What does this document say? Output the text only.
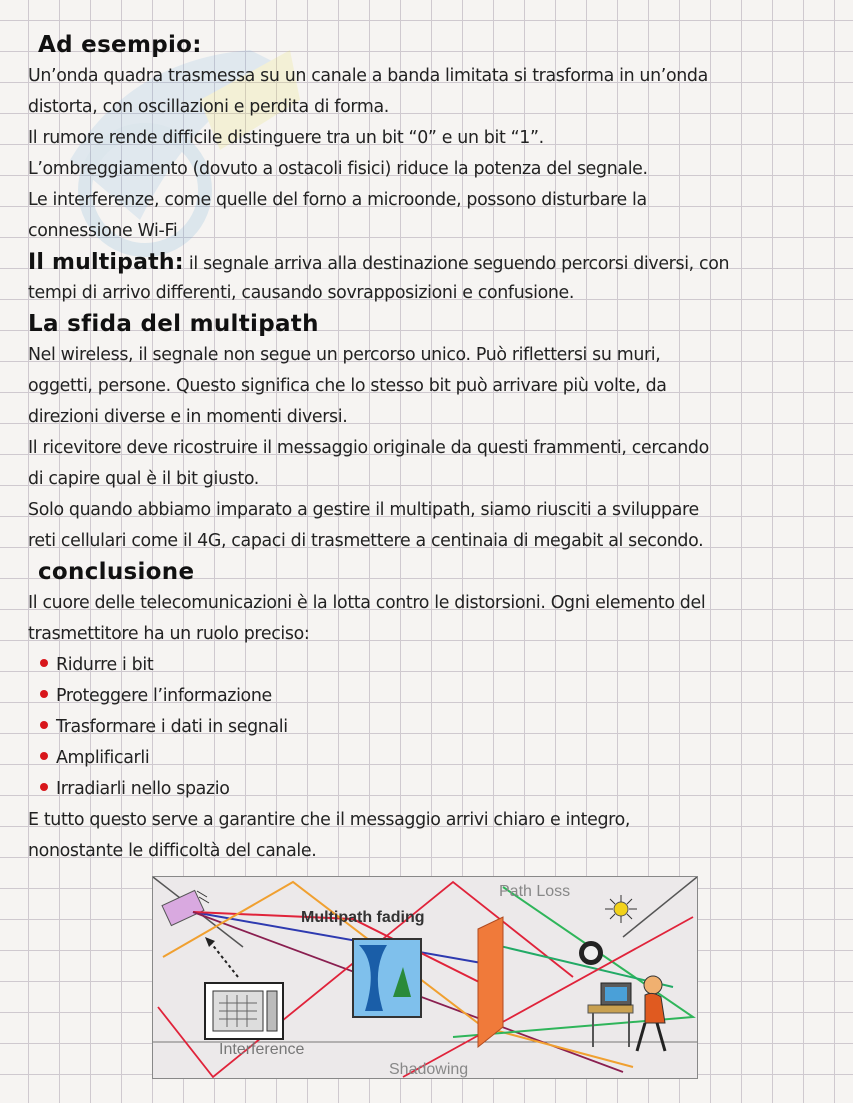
Ad esempio:
Un’onda quadra trasmessa su un canale a banda limitata si trasforma in un’onda
distorta, con oscillazioni e perdita di forma.
Il rumore rende difficile distinguere tra un bit “0” e un bit “1”.
L’ombreggiamento (dovuto a ostacoli fisici) riduce la potenza del segnale.
Le interferenze, come quelle del forno a microonde, possono disturbare la
connessione Wi-Fi
Il multipath: il segnale arriva alla destinazione seguendo percorsi diversi, con
tempi di arrivo differenti, causando sovrapposizioni e confusione.
La sfida del multipath
Nel wireless, il segnale non segue un percorso unico. Può riflettersi su muri,
oggetti, persone. Questo significa che lo stesso bit può arrivare più volte, da
direzioni diverse e in momenti diversi.
Il ricevitore deve ricostruire il messaggio originale da questi frammenti, cercando
di capire qual è il bit giusto.
Solo quando abbiamo imparato a gestire il multipath, siamo riusciti a sviluppare
reti cellulari come il 4G, capaci di trasmettere a centinaia di megabit al secondo.
conclusione
Il cuore delle telecomunicazioni è la lotta contro le distorsioni. Ogni elemento del
trasmettitore ha un ruolo preciso:
Ridurre i bit
Proteggere l’informazione
Trasformare i dati in segnali
Amplificarli
Irradiarli nello spazio
E tutto questo serve a garantire che il messaggio arrivi chiaro e integro,
nonostante le difficoltà del canale.
Path Loss
Multipath fading
Interference
Shadowing
